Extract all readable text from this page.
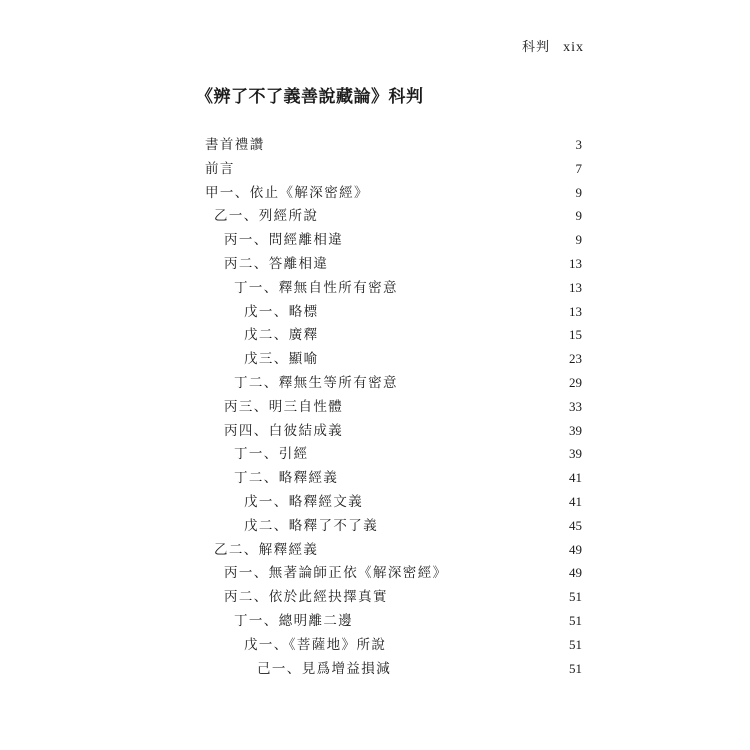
科判 xix
《辨了不了義善說藏論》科判
書首禮讚	3
前言	7
甲一、依止《解深密經》	9
乙一、列經所說	9
丙一、問經離相違	9
丙二、答離相違	13
丁一、釋無自性所有密意	13
戊一、略標	13
戊二、廣釋	15
戊三、顯喻	23
丁二、釋無生等所有密意	29
丙三、明三自性體	33
丙四、白彼結成義	39
丁一、引經	39
丁二、略釋經義	41
戊一、略釋經文義	41
戊二、略釋了不了義	45
乙二、解釋經義	49
丙一、無著論師正依《解深密經》	49
丙二、依於此經抉擇真實	51
丁一、總明離二邊	51
戊一、《菩薩地》所說	51
己一、見爲增益損減	51
